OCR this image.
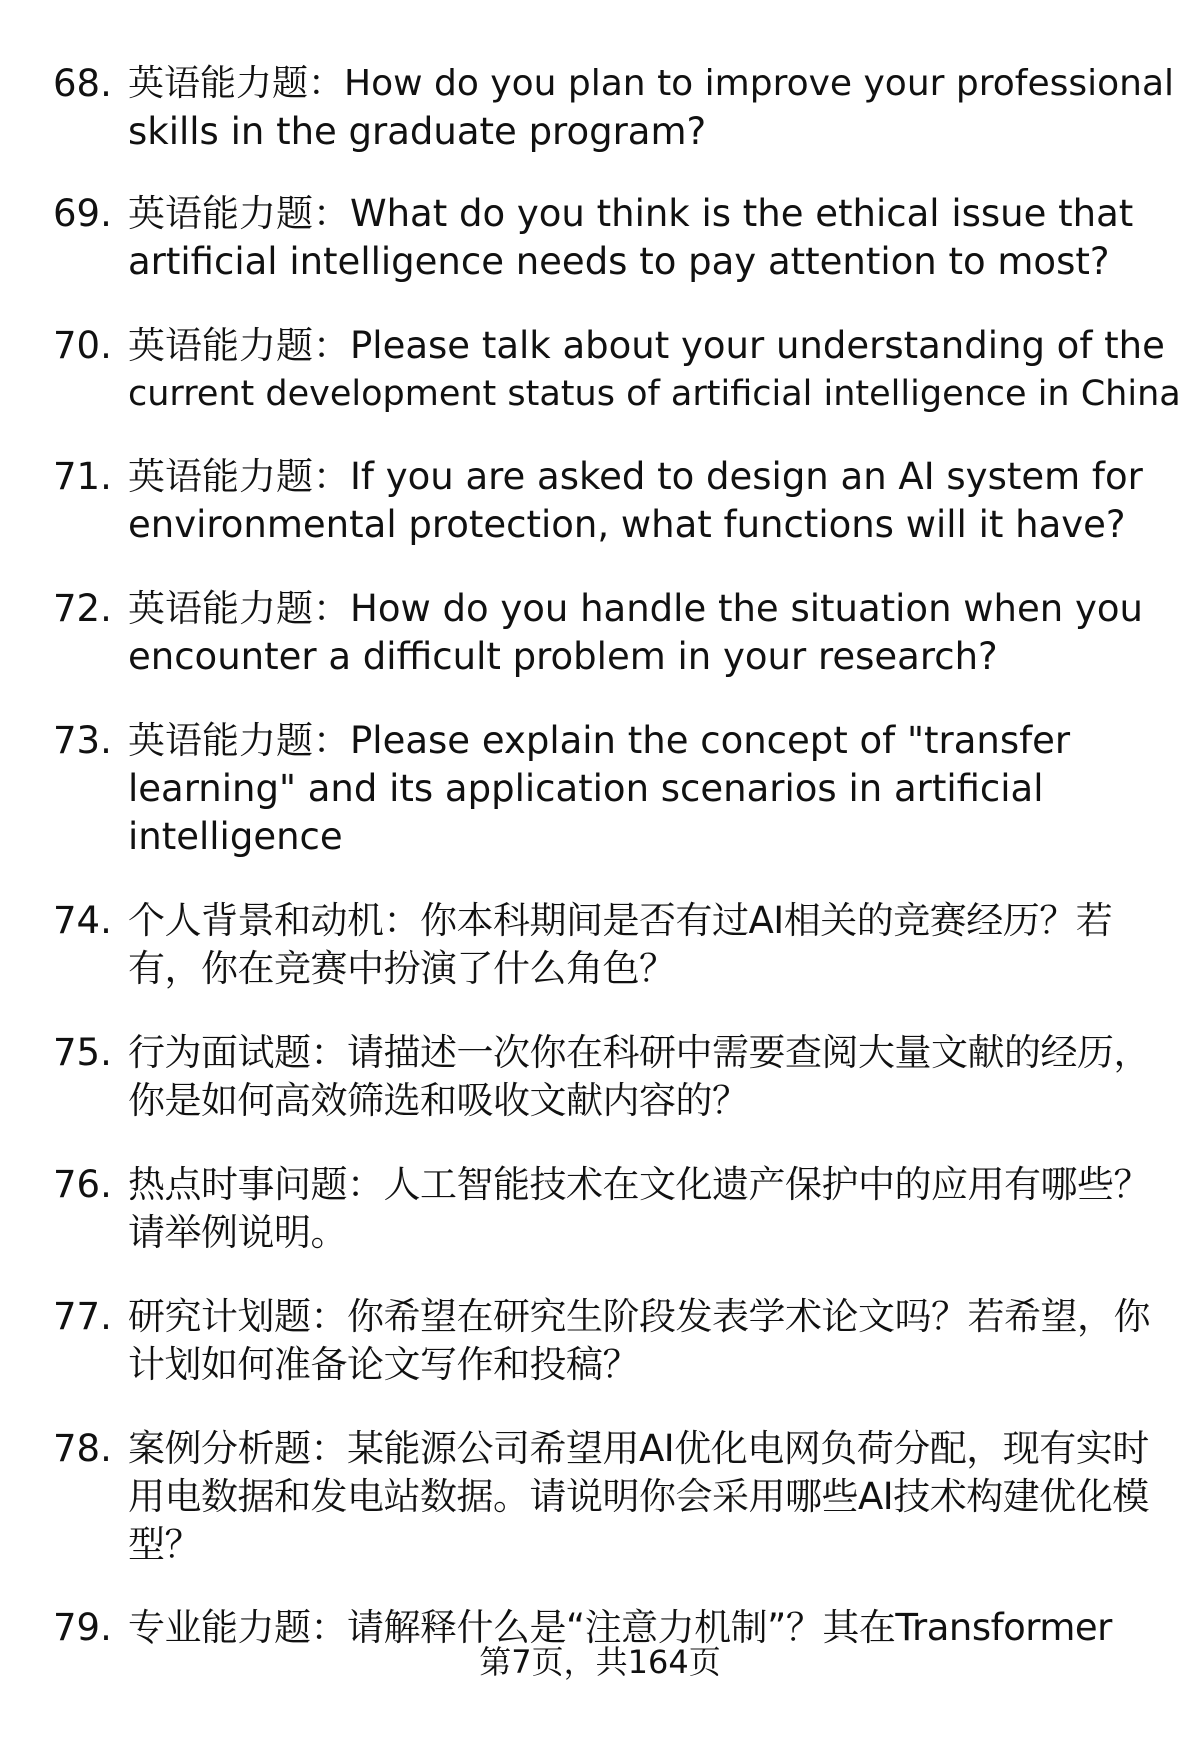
68. 英语能力题：How do you plan to improve your professional
skills in the graduate program?
69. 英语能力题：What do you think is the ethical issue that
artificial intelligence needs to pay attention to most?
70. 英语能力题：Please talk about your understanding of the
current development status of artificial intelligence in China
71. 英语能力题：If you are asked to design an AI system for
environmental protection, what functions will it have?
72. 英语能力题：How do you handle the situation when you
encounter a difficult problem in your research?
73. 英语能力题：Please explain the concept of "transfer
learning" and its application scenarios in artificial
intelligence
74. 个人背景和动机：你本科期间是否有过AI相关的竞赛经历？若
有，你在竞赛中扮演了什么角色？
75. 行为面试题：请描述一次你在科研中需要查阅大量文献的经历，
你是如何高效筛选和吸收文献内容的？
76. 热点时事问题：人工智能技术在文化遗产保护中的应用有哪些？
请举例说明。
77. 研究计划题：你希望在研究生阶段发表学术论文吗？若希望，你
计划如何准备论文写作和投稿？
78. 案例分析题：某能源公司希望用AI优化电网负荷分配，现有实时
用电数据和发电站数据。请说明你会采用哪些AI技术构建优化模
型？
79. 专业能力题：请解释什么是“注意力机制”？其在Transformer
第7页，共164页
